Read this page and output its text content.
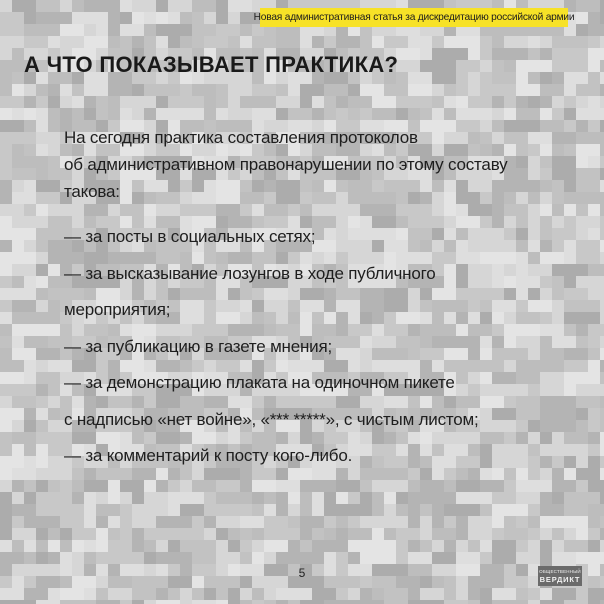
Новая административная статья за дискредитацию российской армии
А ЧТО ПОКАЗЫВАЕТ ПРАКТИКА?

На сегодня практика составления протоколов
об административном правонарушении по этому составу
такова:

— за посты в социальных сетях;
— за высказывание лозунгов в ходе публичного
мероприятия;
— за публикацию в газете мнения;
— за демонстрацию плаката на одиночном пикете
с надписью «нет войне», «*** *****», с чистым листом;
— за комментарий к посту кого-либо.
5	ОБЩЕСТВЕННЫЙ
ВЕРДИКТ
